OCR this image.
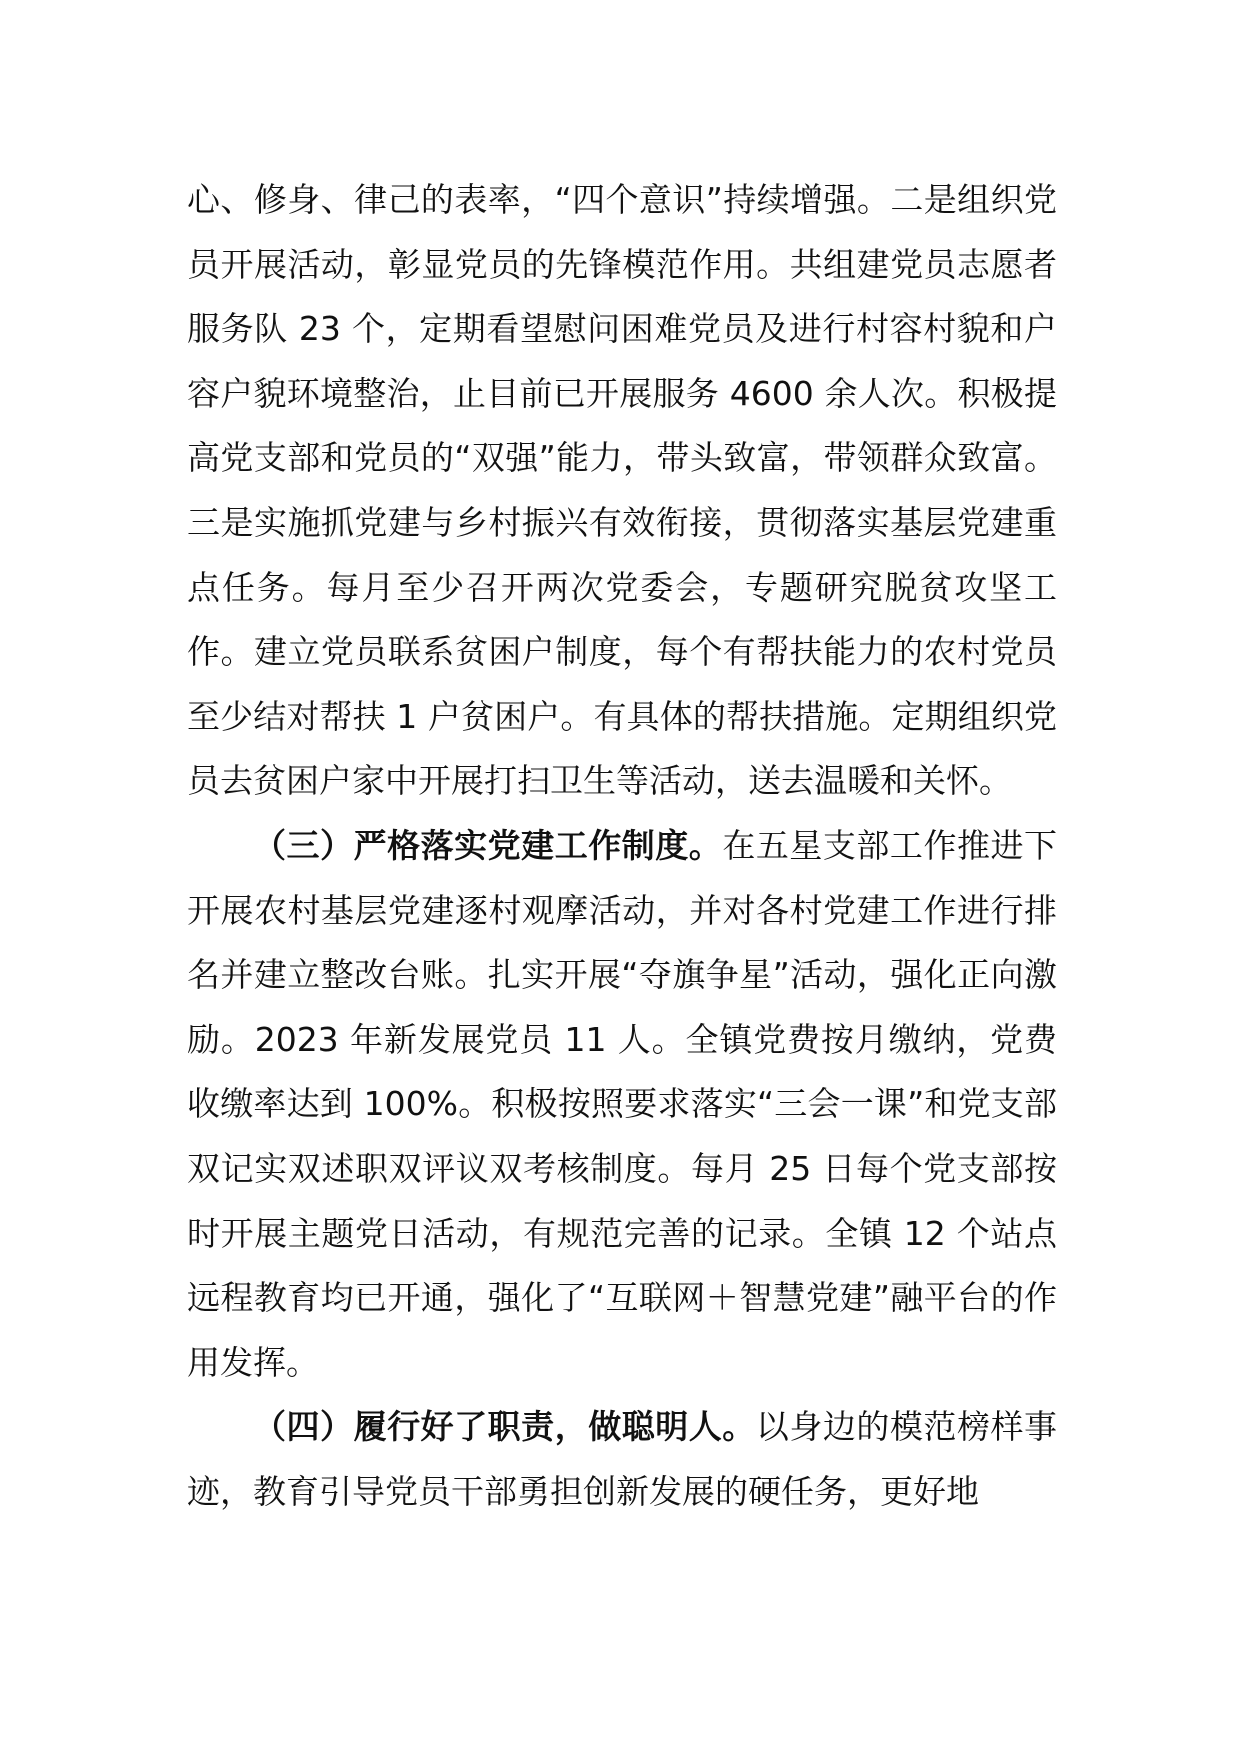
心、修身、律己的表率，“四个意识”持续增强。二是组织党员开展活动，彰显党员的先锋模范作用。共组建党员志愿者服务队 23 个，定期看望慰问困难党员及进行村容村貌和户容户貌环境整治，止目前已开展服务 4600 余人次。积极提高党支部和党员的“双强”能力，带头致富，带领群众致富。三是实施抓党建与乡村振兴有效衔接，贯彻落实基层党建重点任务。每月至少召开两次党委会，专题研究脱贫攻坚工作。建立党员联系贫困户制度，每个有帮扶能力的农村党员至少结对帮扶 1 户贫困户。有具体的帮扶措施。定期组织党员去贫困户家中开展打扫卫生等活动，送去温暖和关怀。

（三）严格落实党建工作制度。在五星支部工作推进下开展农村基层党建逐村观摩活动，并对各村党建工作进行排名并建立整改台账。扎实开展“夺旗争星”活动，强化正向激励。2023 年新发展党员 11 人。全镇党费按月缴纳，党费收缴率达到 100%。积极按照要求落实“三会一课”和党支部双记实双述职双评议双考核制度。每月 25 日每个党支部按时开展主题党日活动，有规范完善的记录。全镇 12 个站点远程教育均已开通，强化了“互联网＋智慧党建”融平台的作用发挥。

（四）履行好了职责，做聪明人。以身边的模范榜样事迹，教育引导党员干部勇担创新发展的硬任务，更好地
